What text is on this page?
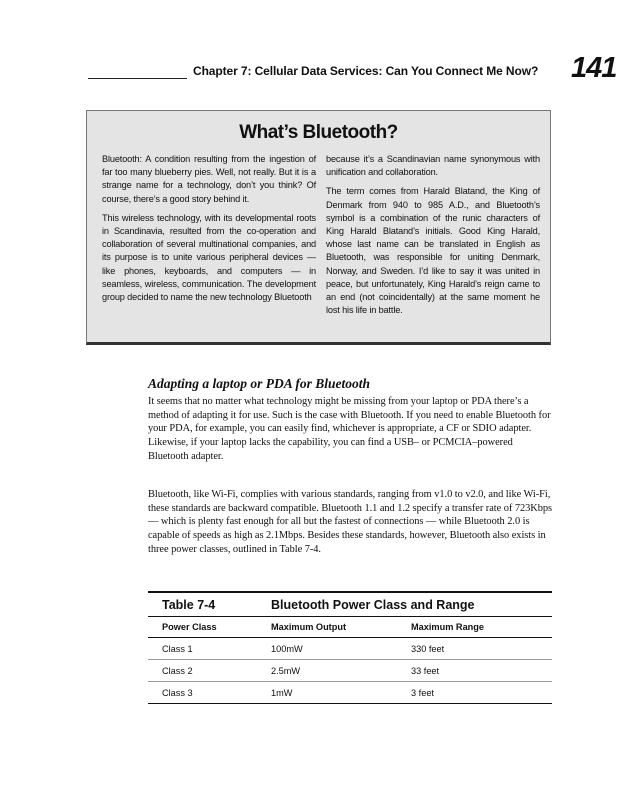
Chapter 7: Cellular Data Services: Can You Connect Me Now? 141
What’s Bluetooth?

Bluetooth: A condition resulting from the ingestion of far too many blueberry pies. Well, not really. But it is a strange name for a technology, don’t you think? Of course, there’s a good story behind it.

This wireless technology, with its developmental roots in Scandinavia, resulted from the co-operation and collaboration of several multinational companies, and its purpose is to unite various peripheral devices — like phones, keyboards, and computers — in seamless, wireless, communication. The development group decided to name the new technology Bluetooth

because it’s a Scandinavian name synonymous with unification and collaboration.

The term comes from Harald Blatand, the King of Denmark from 940 to 985 A.D., and Bluetooth’s symbol is a combination of the runic characters of King Harald Blatand’s initials. Good King Harald, whose last name can be translated in English as Bluetooth, was responsible for uniting Denmark, Norway, and Sweden. I’d like to say it was united in peace, but unfortunately, King Harald’s reign came to an end (not coincidentally) at the same moment he lost his life in battle.

Adapting a laptop or PDA for Bluetooth

It seems that no matter what technology might be missing from your laptop or PDA there’s a method of adapting it for use. Such is the case with Bluetooth. If you need to enable Bluetooth for your PDA, for example, you can easily find, whichever is appropriate, a CF or SDIO adapter. Likewise, if your laptop lacks the capability, you can find a USB– or PCMCIA–powered Bluetooth adapter.

Bluetooth, like Wi-Fi, complies with various standards, ranging from v1.0 to v2.0, and like Wi-Fi, these standards are backward compatible. Bluetooth 1.1 and 1.2 specify a transfer rate of 723Kbps — which is plenty fast enough for all but the fastest of connections — while Bluetooth 2.0 is capable of speeds as high as 2.1Mbps. Besides these standards, however, Bluetooth also exists in three power classes, outlined in Table 7-4.

Table 7-4	Bluetooth Power Class and Range
Power Class	Maximum Output	Maximum Range
Class 1	100mW	330 feet
Class 2	2.5mW	33 feet
Class 3	1mW	3 feet
